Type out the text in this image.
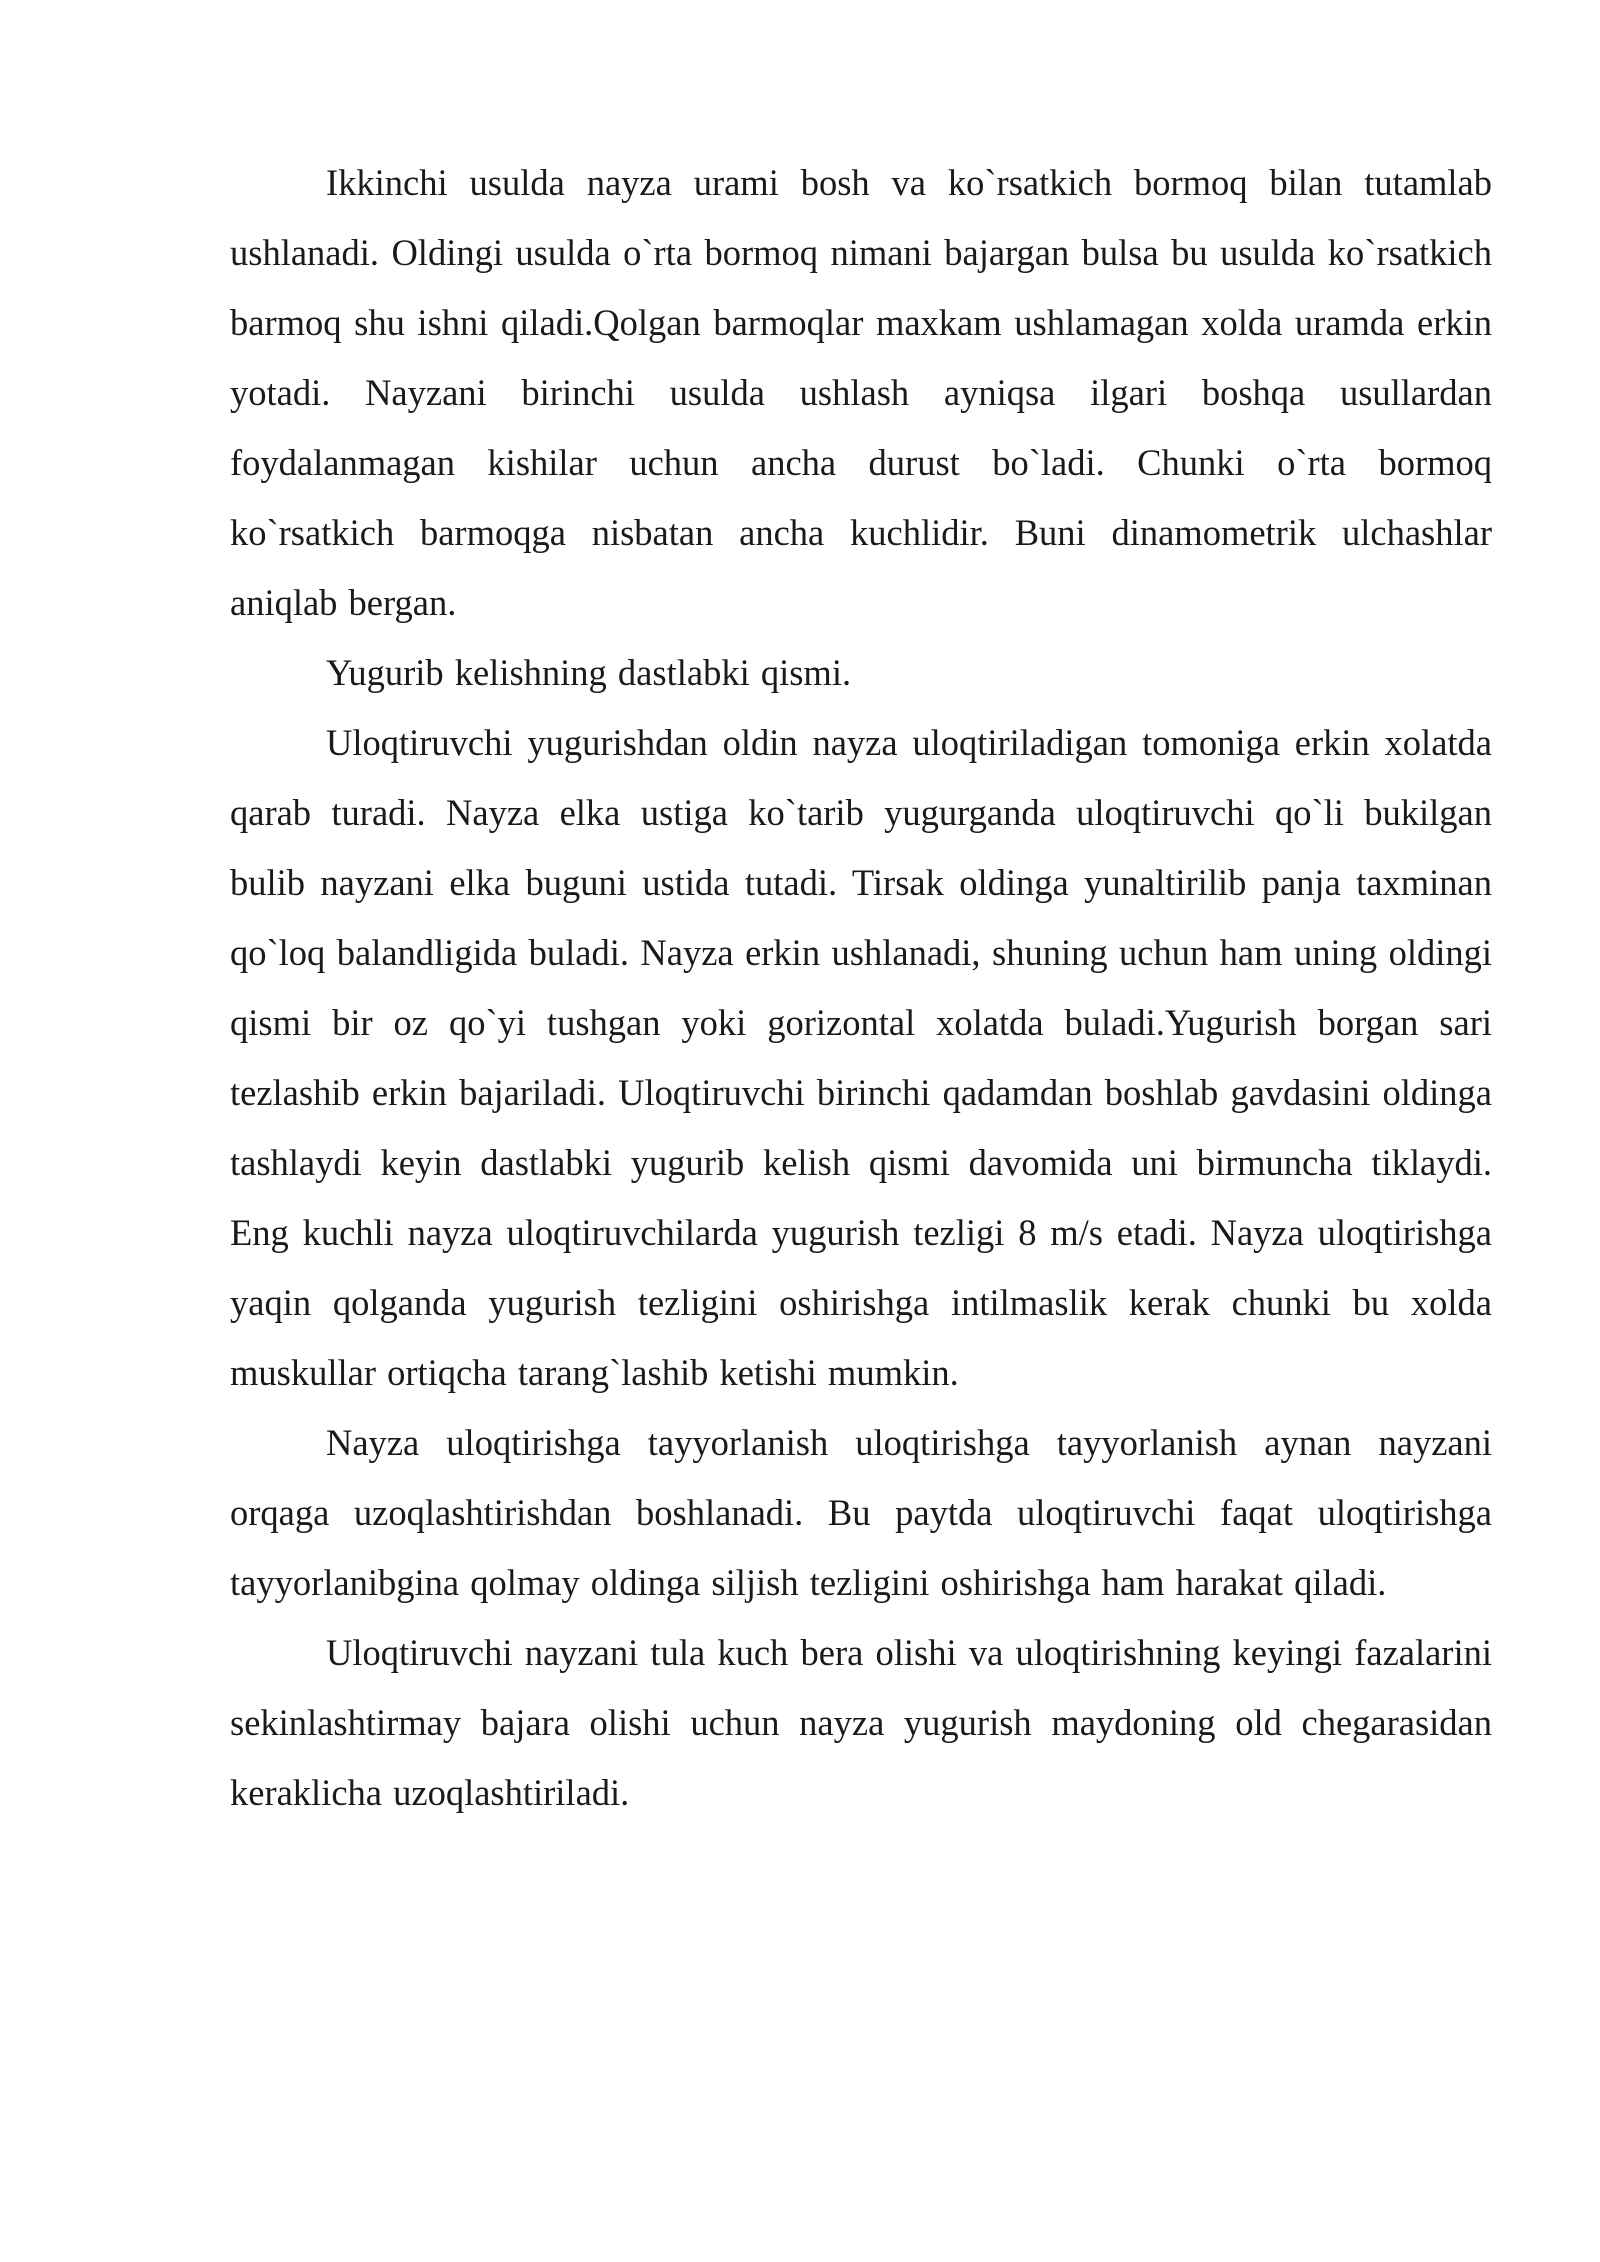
Ikkinchi usulda nayza urami bosh va ko`rsatkich bormoq bilan tutamlab ushlanadi. Oldingi usulda o`rta bormoq nimani bajargan bulsa bu usulda ko`rsatkich barmoq shu ishni qiladi.Qolgan barmoqlar maxkam ushlamagan xolda uramda erkin yotadi. Nayzani birinchi usulda ushlash ayniqsa ilgari boshqa usullardan foydalanmagan kishilar uchun ancha durust bo`ladi. Chunki o`rta bormoq ko`rsatkich barmoqga nisbatan ancha kuchlidir. Buni dinamometrik ulchashlar aniqlab bergan.

Yugurib kelishning dastlabki qismi.

Uloqtiruvchi yugurishdan oldin nayza uloqtiriladigan tomoniga erkin xolatda qarab turadi. Nayza elka ustiga ko`tarib yugurganda uloqtiruvchi qo`li bukilgan bulib nayzani elka buguni ustida tutadi. Tirsak oldinga yunaltirilib panja taxminan qo`loq balandligida buladi. Nayza erkin ushlanadi, shuning uchun ham uning oldingi qismi bir oz qo`yi tushgan yoki gorizontal xolatda buladi.Yugurish borgan sari tezlashib erkin bajariladi. Uloqtiruvchi birinchi qadamdan boshlab gavdasini oldinga tashlaydi keyin dastlabki yugurib kelish qismi davomida uni birmuncha tiklaydi. Eng kuchli nayza uloqtiruvchilarda yugurish tezligi 8 m/s etadi. Nayza uloqtirishga yaqin qolganda yugurish tezligini oshirishga intilmaslik kerak chunki bu xolda muskullar ortiqcha tarang`lashib ketishi mumkin.

Nayza uloqtirishga tayyorlanish uloqtirishga tayyorlanish aynan nayzani orqaga uzoqlashtirishdan boshlanadi. Bu paytda uloqtiruvchi faqat uloqtirishga tayyorlanibgina qolmay oldinga siljish tezligini oshirishga ham harakat qiladi.

Uloqtiruvchi nayzani tula kuch bera olishi va uloqtirishning keyingi fazalarini sekinlashtirmay bajara olishi uchun nayza yugurish maydoning old chegarasidan keraklicha uzoqlashtiriladi.
